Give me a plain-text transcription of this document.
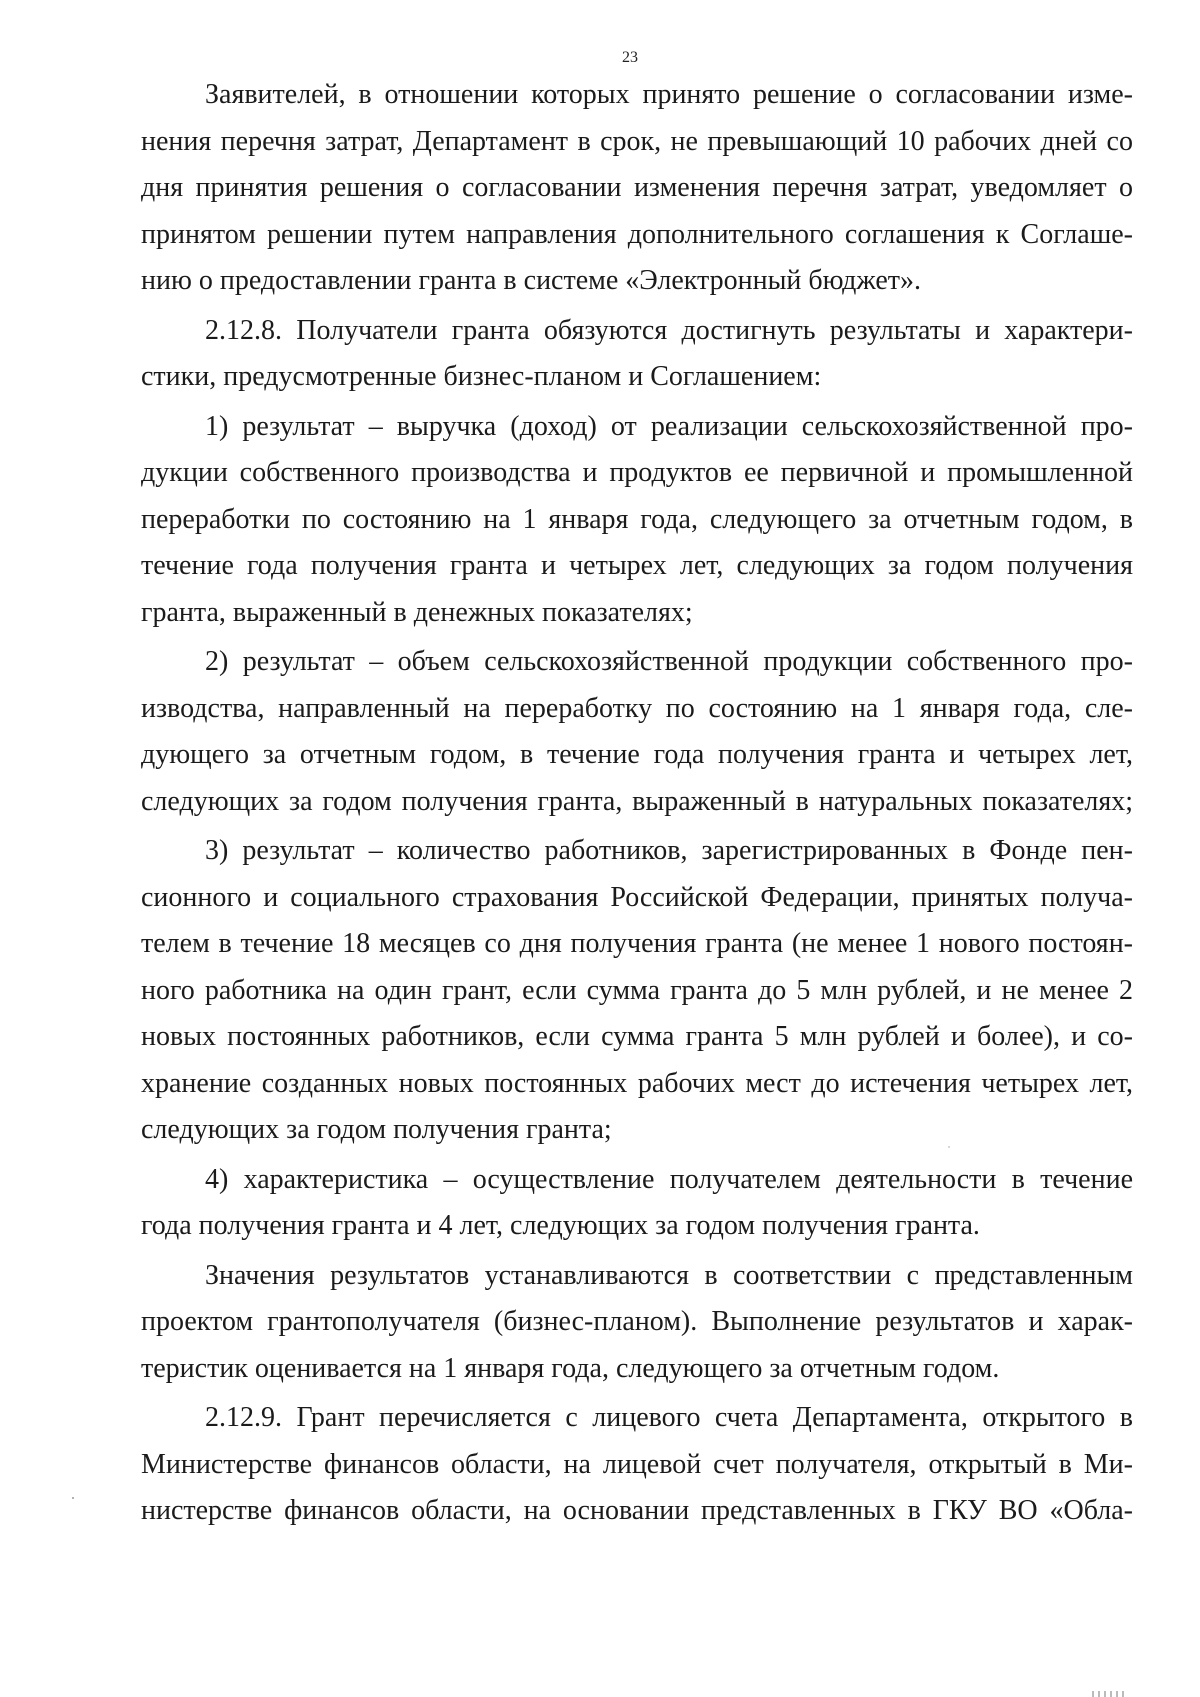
23
Заявителей, в отношении которых принято решение о согласовании изме-
нения перечня затрат, Департамент в срок, не превышающий 10 рабочих дней со
дня принятия решения о согласовании изменения перечня затрат, уведомляет о
принятом решении путем направления дополнительного соглашения к Соглаше-
нию о предоставлении гранта в системе «Электронный бюджет».
2.12.8. Получатели гранта обязуются достигнуть результаты и характери-
стики, предусмотренные бизнес-планом и Соглашением:
1) результат – выручка (доход) от реализации сельскохозяйственной про-
дукции собственного производства и продуктов ее первичной и промышленной
переработки по состоянию на 1 января года, следующего за отчетным годом, в
течение года получения гранта и четырех лет, следующих за годом получения
гранта, выраженный в денежных показателях;
2) результат – объем сельскохозяйственной продукции собственного про-
изводства, направленный на переработку по состоянию на 1 января года, сле-
дующего за отчетным годом, в течение года получения гранта и четырех лет,
следующих за годом получения гранта, выраженный в натуральных показателях;
3) результат – количество работников, зарегистрированных в Фонде пен-
сионного и социального страхования Российской Федерации, принятых получа-
телем в течение 18 месяцев со дня получения гранта (не менее 1 нового постоян-
ного работника на один грант, если сумма гранта до 5 млн рублей, и не менее 2
новых постоянных работников, если сумма гранта 5 млн рублей и более), и со-
хранение созданных новых постоянных рабочих мест до истечения четырех лет,
следующих за годом получения гранта;
4) характеристика – осуществление получателем деятельности в течение
года получения гранта и 4 лет, следующих за годом получения гранта.
Значения результатов устанавливаются в соответствии с представленным
проектом грантополучателя (бизнес-планом). Выполнение результатов и харак-
теристик оценивается на 1 января года, следующего за отчетным годом.
2.12.9. Грант перечисляется с лицевого счета Департамента, открытого в
Министерстве финансов области, на лицевой счет получателя, открытый в Ми-
нистерстве финансов области, на основании представленных в ГКУ ВО «Обла-
